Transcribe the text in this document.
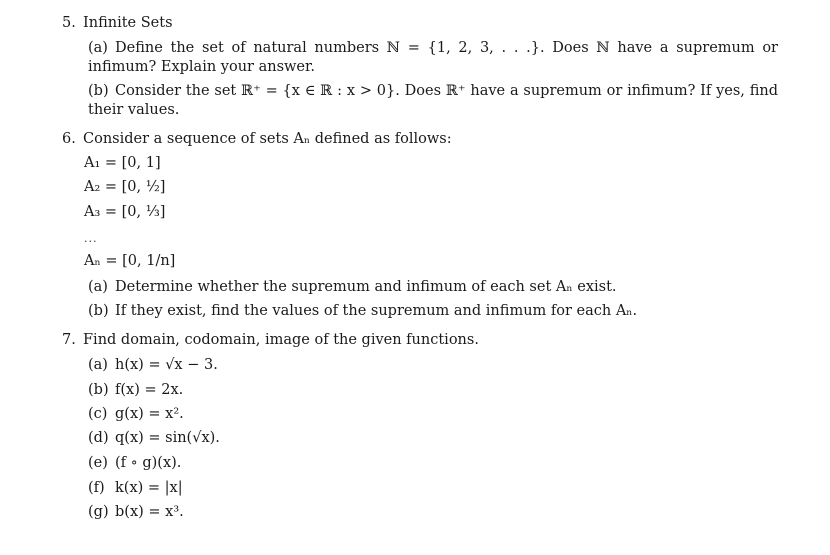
5. Infinite Sets
(a) Define the set of natural numbers ℕ = {1, 2, 3, . . .}. Does ℕ have a supremum or infimum? Explain your answer.
(b) Consider the set ℝ⁺ = {x ∈ ℝ : x > 0}. Does ℝ⁺ have a supremum or infimum? If yes, find their values.
6. Consider a sequence of sets Aₙ defined as follows:
A₁ = [0, 1]
A₂ = [0, ½]
A₃ = [0, ⅓]
...
Aₙ = [0, 1/n]
(a) Determine whether the supremum and infimum of each set Aₙ exist.
(b) If they exist, find the values of the supremum and infimum for each Aₙ.
7. Find domain, codomain, image of the given functions.
(a) h(x) = √x − 3.
(b) f(x) = 2x.
(c) g(x) = x².
(d) q(x) = sin(√x).
(e) (f ∘ g)(x).
(f) k(x) = |x|
(g) b(x) = x³.
